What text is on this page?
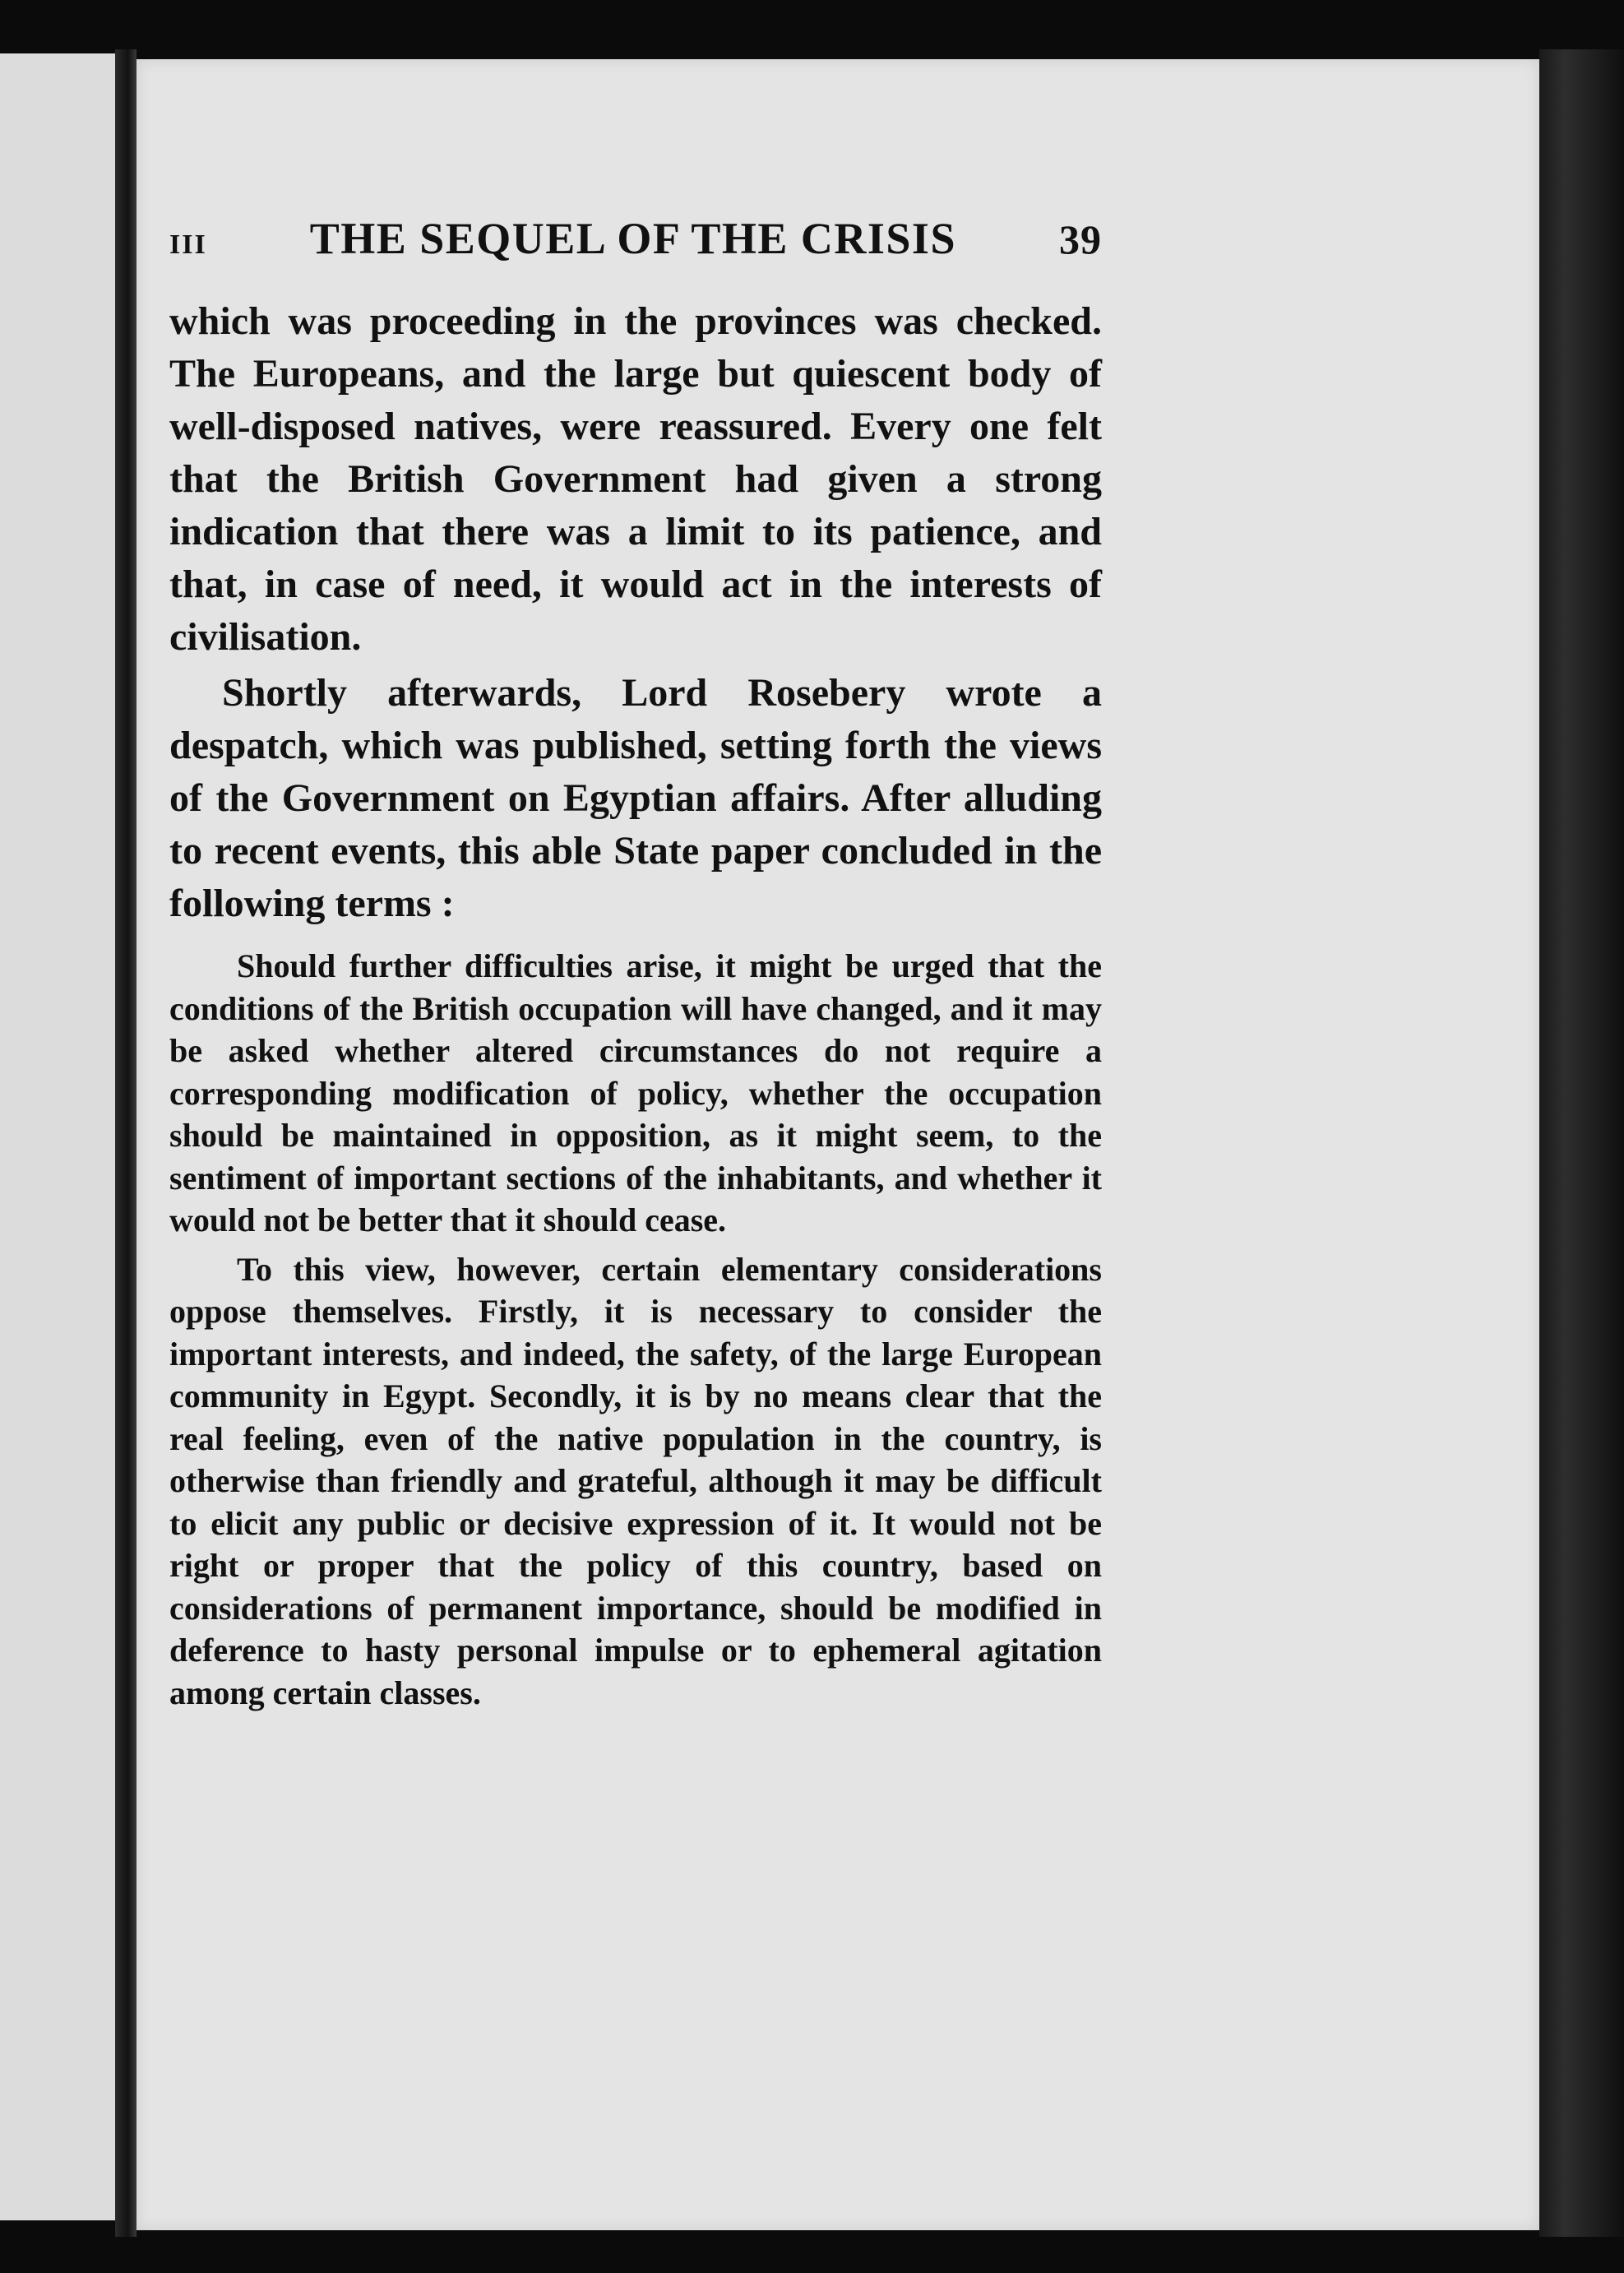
III THE SEQUEL OF THE CRISIS	39

which was proceeding in the provinces was checked. The Europeans, and the large but quiescent body of well-disposed natives, were reassured. Every one felt that the British Government had given a strong indication that there was a limit to its patience, and that, in case of need, it would act in the interests of civilisation.

Shortly afterwards, Lord Rosebery wrote a despatch, which was published, setting forth the views of the Government on Egyptian affairs. After alluding to recent events, this able State paper concluded in the following terms :

Should further difficulties arise, it might be urged that the conditions of the British occupation will have changed, and it may be asked whether altered circumstances do not require a corresponding modification of policy, whether the occupation should be maintained in opposition, as it might seem, to the sentiment of important sections of the inhabitants, and whether it would not be better that it should cease.

To this view, however, certain elementary considerations oppose themselves. Firstly, it is necessary to consider the important interests, and indeed, the safety, of the large European community in Egypt. Secondly, it is by no means clear that the real feeling, even of the native population in the country, is otherwise than friendly and grateful, although it may be difficult to elicit any public or decisive expression of it. It would not be right or proper that the policy of this country, based on considerations of permanent importance, should be modified in deference to hasty personal impulse or to ephemeral agitation among certain classes.
